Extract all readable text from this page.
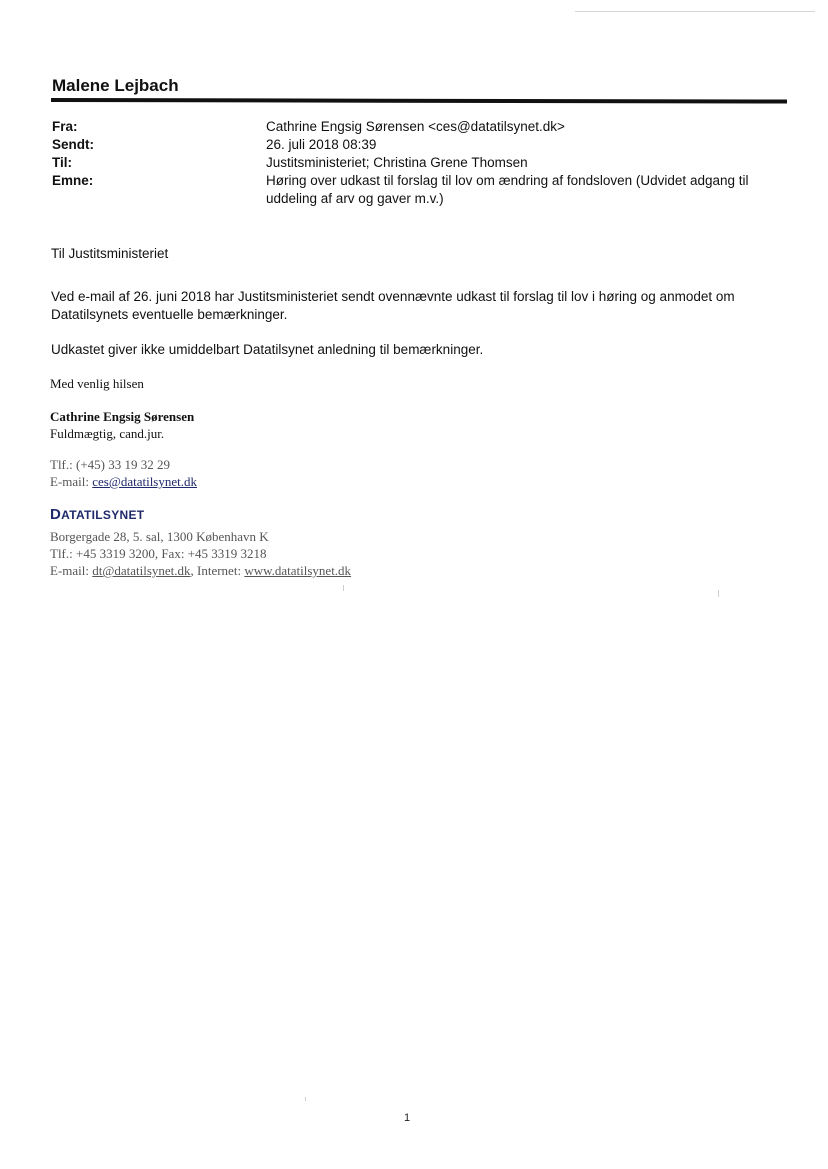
Malene Lejbach
Fra:	Cathrine Engsig Sørensen <ces@datatilsynet.dk>
Sendt:	26. juli 2018 08:39
Til:	Justitsministeriet; Christina Grene Thomsen
Emne:	Høring over udkast til forslag til lov om ændring af fondsloven (Udvidet adgang til uddeling af arv og gaver m.v.)
Til Justitsministeriet
Ved e-mail af 26. juni 2018 har Justitsministeriet sendt ovennævnte udkast til forslag til lov i høring og anmodet om Datatilsynets eventuelle bemærkninger.
Udkastet giver ikke umiddelbart Datatilsynet anledning til bemærkninger.
Med venlig hilsen
Cathrine Engsig Sørensen
Fuldmægtig, cand.jur.
Tlf.: (+45) 33 19 32 29
E-mail: ces@datatilsynet.dk
DATATILSYNET
Borgergade 28, 5. sal, 1300 København K
Tlf.: +45 3319 3200, Fax: +45 3319 3218
E-mail: dt@datatilsynet.dk, Internet: www.datatilsynet.dk
1
